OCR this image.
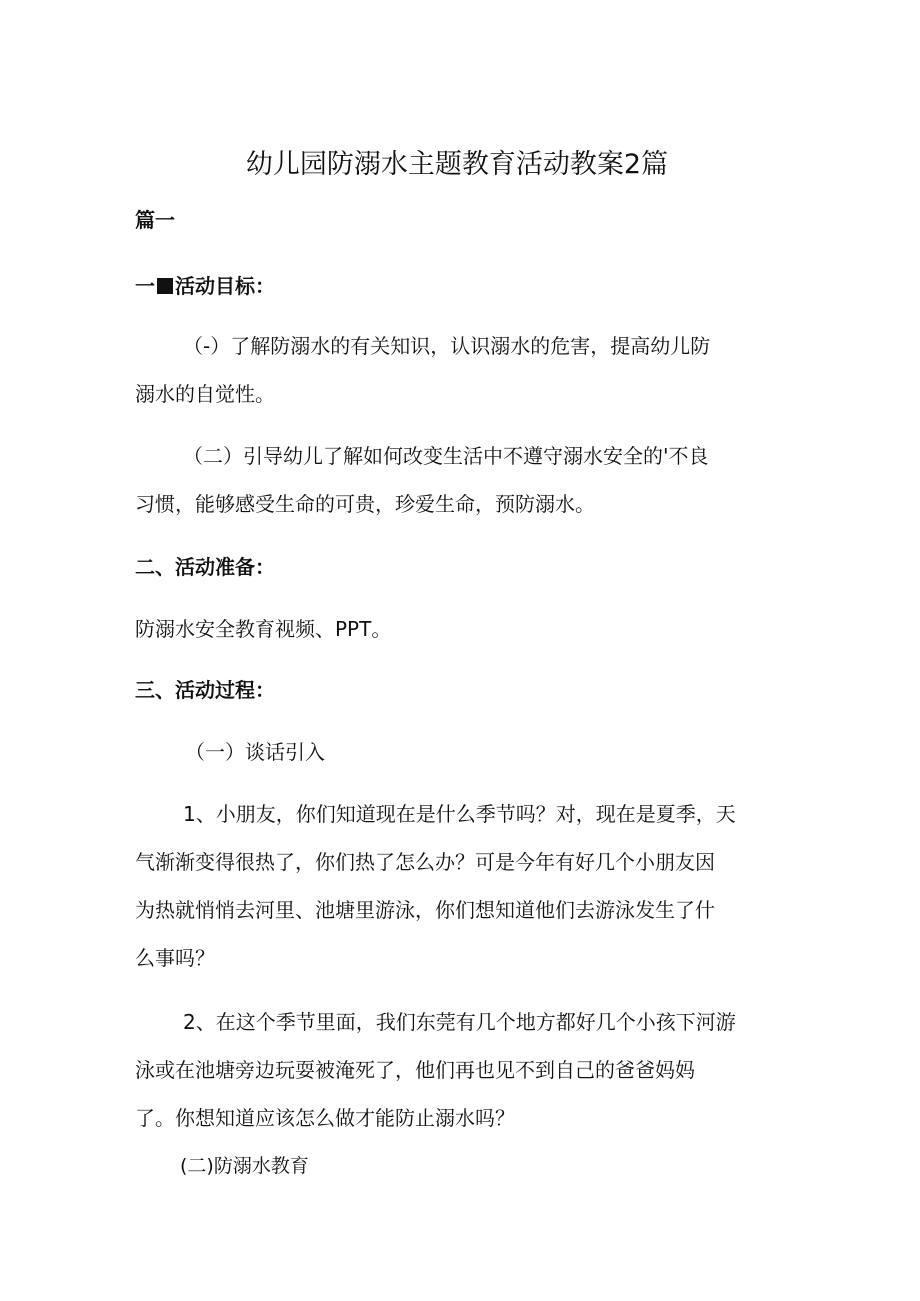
幼儿园防溺水主题教育活动教案2篇

篇一

一 活动目标：

（-）了解防溺水的有关知识，认识溺水的危害，提高幼儿防

溺水的自觉性。

（二）引导幼儿了解如何改变生活中不遵守溺水安全的'不良

习惯，能够感受生命的可贵，珍爱生命，预防溺水。

二、活动准备：

防溺水安全教育视频、PPT。

三、活动过程：

（一）谈话引入

1、小朋友，你们知道现在是什么季节吗？对，现在是夏季，天

气渐渐变得很热了，你们热了怎么办？可是今年有好几个小朋友因

为热就悄悄去河里、池塘里游泳，你们想知道他们去游泳发生了什

么事吗？

2、在这个季节里面，我们东莞有几个地方都好几个小孩下河游

泳或在池塘旁边玩耍被淹死了，他们再也见不到自己的爸爸妈妈

了。你想知道应该怎么做才能防止溺水吗？

(二)防溺水教育
